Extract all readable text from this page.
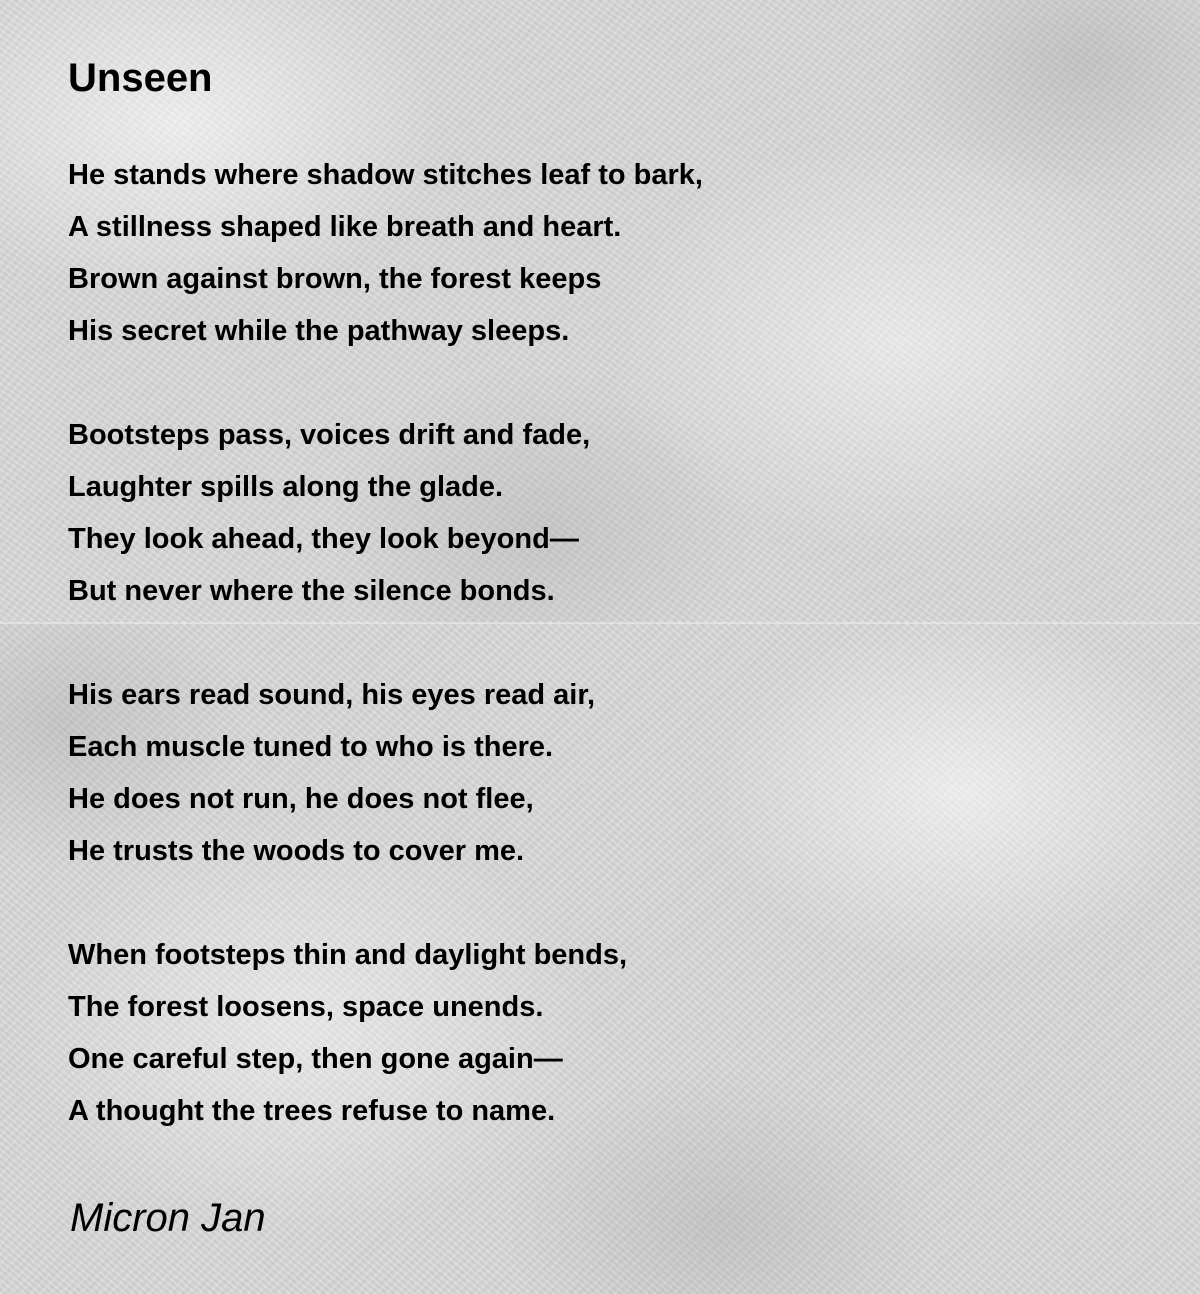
Unseen
He stands where shadow stitches leaf to bark,
A stillness shaped like breath and heart.
Brown against brown, the forest keeps
His secret while the pathway sleeps.
Bootsteps pass, voices drift and fade,
Laughter spills along the glade.
They look ahead, they look beyond—
But never where the silence bonds.
His ears read sound, his eyes read air,
Each muscle tuned to who is there.
He does not run, he does not flee,
He trusts the woods to cover me.
When footsteps thin and daylight bends,
The forest loosens, space unends.
One careful step, then gone again—
A thought the trees refuse to name.
Micron Jan
